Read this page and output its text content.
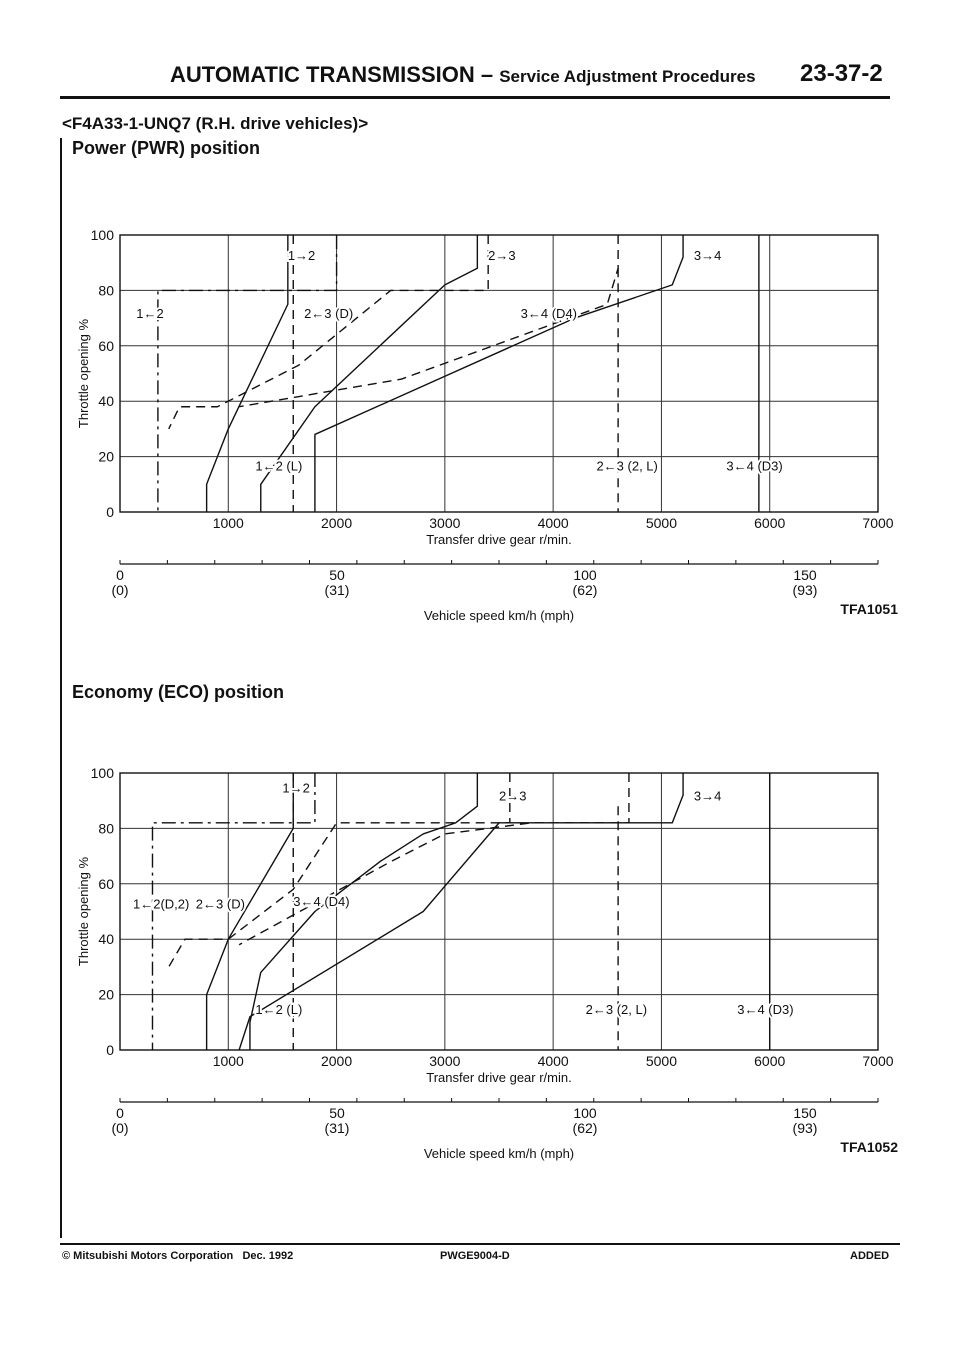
AUTOMATIC TRANSMISSION – Service Adjustment Procedures 23-37-2
<F4A33-1-UNQ7 (R.H. drive vehicles)>
Power (PWR) position
0
20
40
60
80
100
1000	2000	3000	4000	5000	6000	7000
Throttle opening %
Transfer drive gear r/min.
1→2	2→3	3→4
1←2	2←3 (D)	3←4 (D4)
1←2 (L)	2←3 (2, L)	3←4 (D3)
0
(0)
50
(31)
100
(62)
150
(93)
Vehicle speed km/h (mph)	TFA1051
Economy (ECO) position
0
20
40
60
80
100
1000	2000	3000	4000	5000	6000	7000
Throttle opening %
Transfer drive gear r/min.
1→2
2→3	3→4
1←2(D,2) 2←3 (D)	3←4 (D4)
1←2 (L)	2←3 (2, L)	3←4 (D3)
0
(0)
50
(31)
100
(62)
150
(93)
Vehicle speed km/h (mph)	TFA1052
© Mitsubishi Motors Corporation Dec. 1992	PWGE9004-D	ADDED
